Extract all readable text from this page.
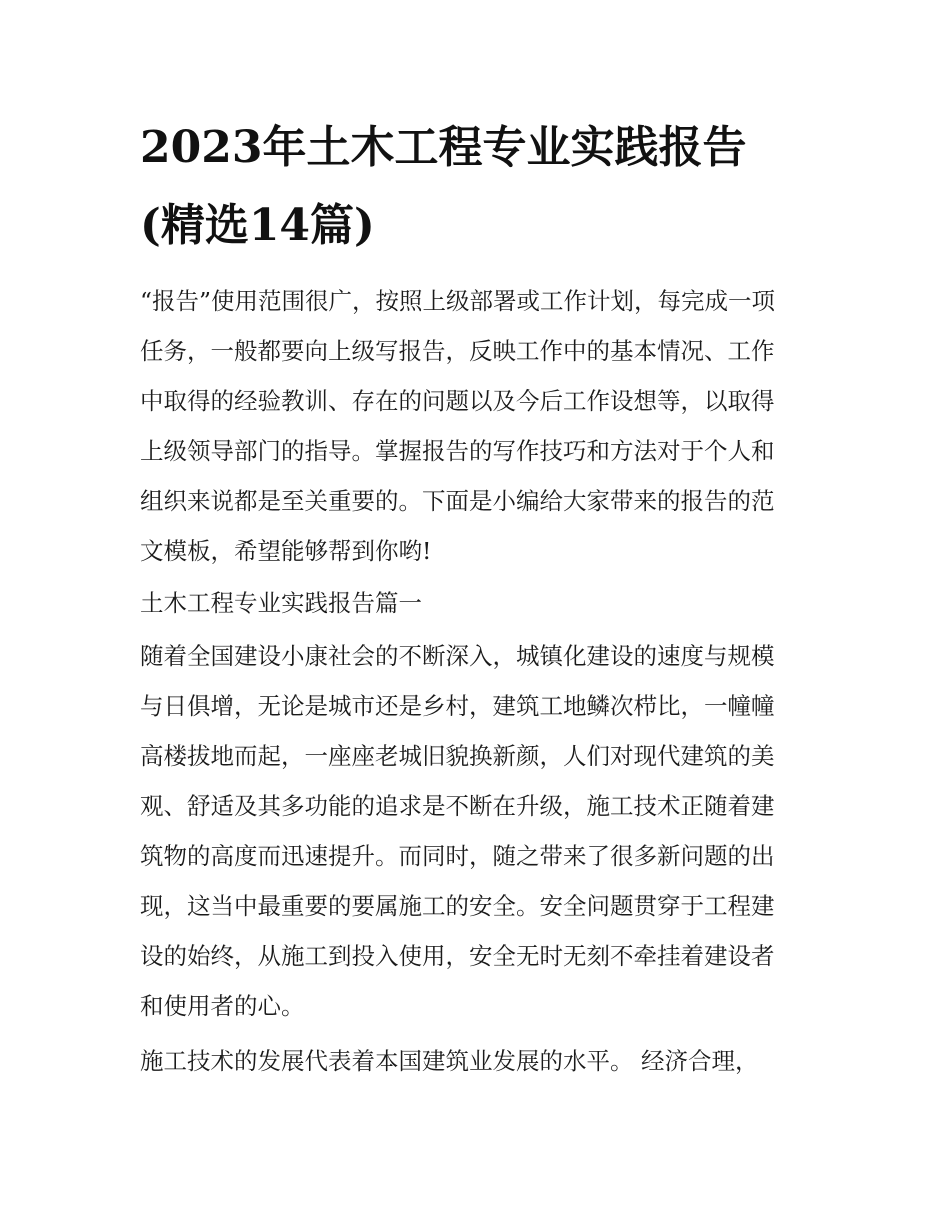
2023年土木工程专业实践报告
(精选14篇)

“报告”使用范围很广，按照上级部署或工作计划，每完成一项

任务，一般都要向上级写报告，反映工作中的基本情况、工作

中取得的经验教训、存在的问题以及今后工作设想等，以取得

上级领导部门的指导。掌握报告的写作技巧和方法对于个人和

组织来说都是至关重要的。下面是小编给大家带来的报告的范

文模板，希望能够帮到你哟!

土木工程专业实践报告篇一

随着全国建设小康社会的不断深入，城镇化建设的速度与规模

与日俱增，无论是城市还是乡村，建筑工地鳞次栉比，一幢幢

高楼拔地而起，一座座老城旧貌换新颜，人们对现代建筑的美

观、舒适及其多功能的追求是不断在升级，施工技术正随着建

筑物的高度而迅速提升。而同时，随之带来了很多新问题的出

现，这当中最重要的要属施工的安全。安全问题贯穿于工程建

设的始终，从施工到投入使用，安全无时无刻不牵挂着建设者

和使用者的心。

施工技术的发展代表着本国建筑业发展的水平。 经济合理，
